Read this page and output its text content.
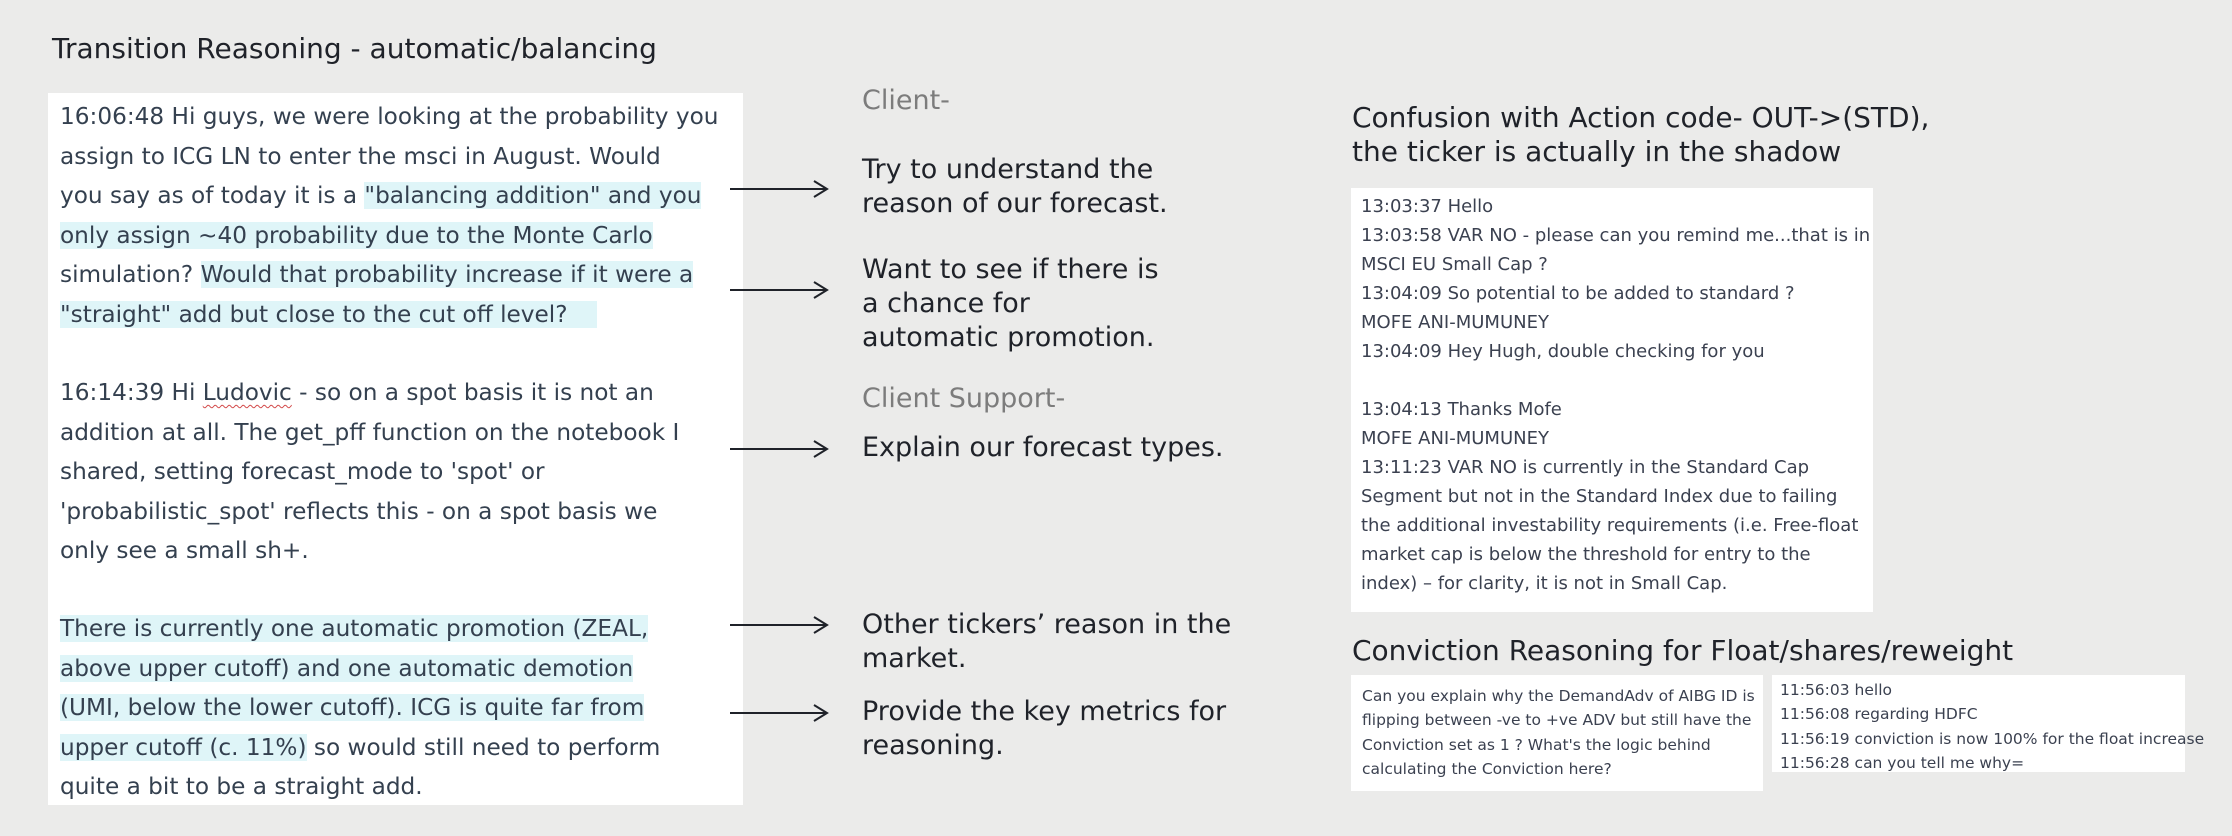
Transition Reasoning - automatic/balancing
16:06:48 Hi guys, we were looking at the probability you
assign to ICG LN to enter the msci in August. Would
you say as of today it is a "balancing addition" and you
only assign ~40 probability due to the Monte Carlo
simulation? Would that probability increase if it were a
"straight" add but close to the cut off level?
16:14:39 Hi Ludovic - so on a spot basis it is not an
addition at all. The get_pff function on the notebook I
shared, setting forecast_mode to 'spot' or
'probabilistic_spot' reflects this - on a spot basis we
only see a small sh+.
There is currently one automatic promotion (ZEAL,
above upper cutoff) and one automatic demotion
(UMI, below the lower cutoff). ICG is quite far from
upper cutoff (c. 11%) so would still need to perform
quite a bit to be a straight add.
Client-
Try to understand the
reason of our forecast.
Want to see if there is
a chance for
automatic promotion.
Client Support-
Explain our forecast types.
Other tickers’ reason in the
market.
Provide the key metrics for
reasoning.
Confusion with Action code- OUT->(STD),
the ticker is actually in the shadow
13:03:37 Hello
13:03:58 VAR NO - please can you remind me...that is in
MSCI EU Small Cap ?
13:04:09 So potential to be added to standard ?
MOFE ANI-MUMUNEY
13:04:09 Hey Hugh, double checking for you
13:04:13 Thanks Mofe
MOFE ANI-MUMUNEY
13:11:23 VAR NO is currently in the Standard Cap
Segment but not in the Standard Index due to failing
the additional investability requirements (i.e. Free-float
market cap is below the threshold for entry to the
index) – for clarity, it is not in Small Cap.
Conviction Reasoning for Float/shares/reweight
Can you explain why the DemandAdv of AIBG ID is
flipping between -ve to +ve ADV but still have the
Conviction set as 1 ? What's the logic behind
calculating the Conviction here?
11:56:03 hello
11:56:08 regarding HDFC
11:56:19 conviction is now 100% for the float increase
11:56:28 can you tell me why=
